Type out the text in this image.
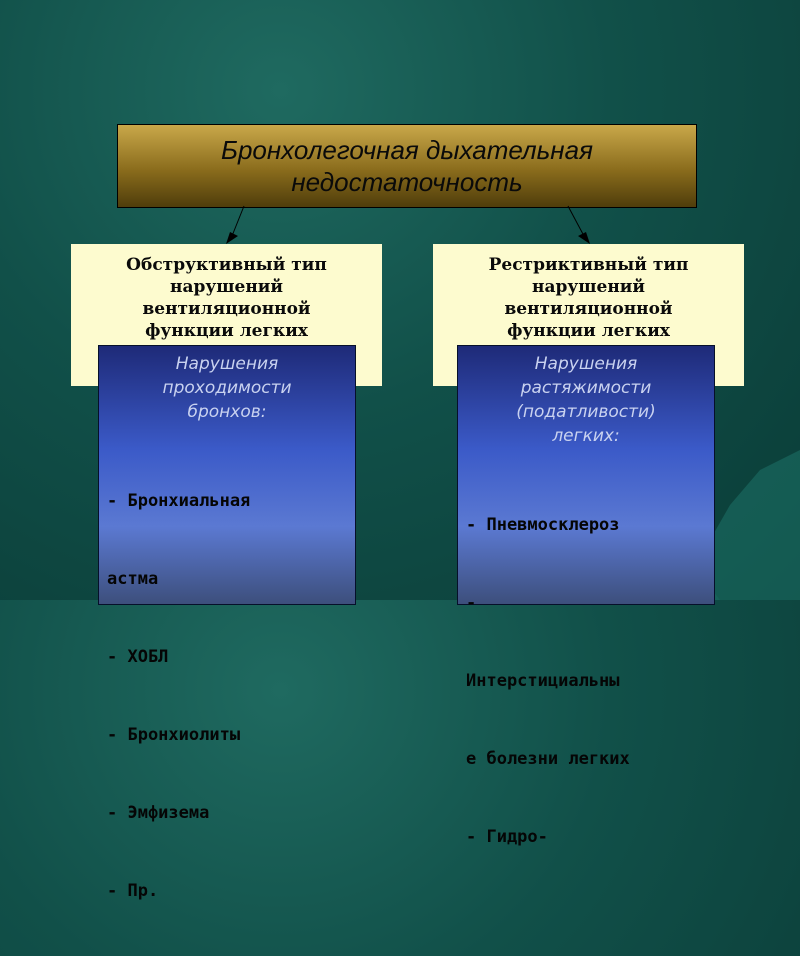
Бронхолегочная дыхательная
недостаточность
Обструктивный тип
нарушений
вентиляционной
функции легких
Рестриктивный тип
нарушений
вентиляционной
функции легких
Нарушения
проходимости
бронхов:

- Бронхиальная

астма

- ХОБЛ

- Бронхиолиты

- Эмфизема

- Пр.

Нарушения
растяжимости
(податливости)
легких:

- Пневмосклероз

-

Интерстициальны

е болезни легких

- Гидро-
